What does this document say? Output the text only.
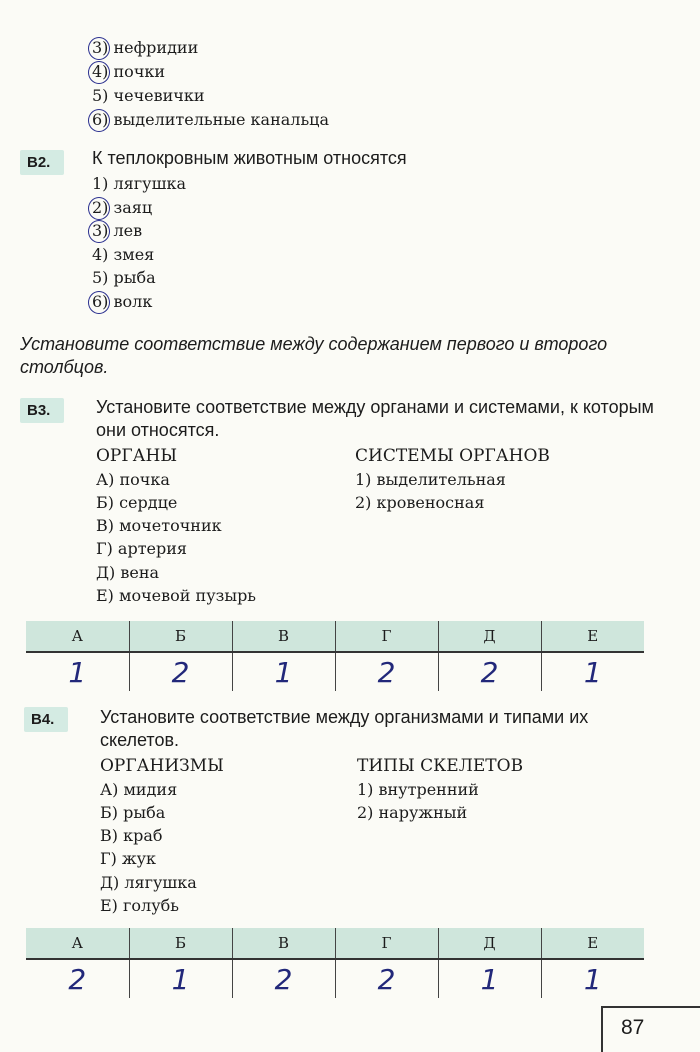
3) нефридии
4) почки
5) чечевички
6) выделительные канальца
В2.	К теплокровным животным относятся
1) лягушка
2) заяц
3) лев
4) змея
5) рыба
6) волк
Установите соответствие между содержанием первого и второго столбцов.
В3.	Установите соответствие между органами и системами, к которым они относятся.
ОРГАНЫ	СИСТЕМЫ ОРГАНОВ
А) почка
Б) сердце
В) мочеточник
Г) артерия
Д) вена
Е) мочевой пузырь
1) выделительная
2) кровеносная
А	Б	В	Г	Д	Е
1	2	1	2	2	1
В4.	Установите соответствие между организмами и типами их скелетов.
ОРГАНИЗМЫ	ТИПЫ СКЕЛЕТОВ
А) мидия
Б) рыба
В) краб
Г) жук
Д) лягушка
Е) голубь
1) внутренний
2) наружный
А	Б	В	Г	Д	Е
2	1	2	2	1	1
87
